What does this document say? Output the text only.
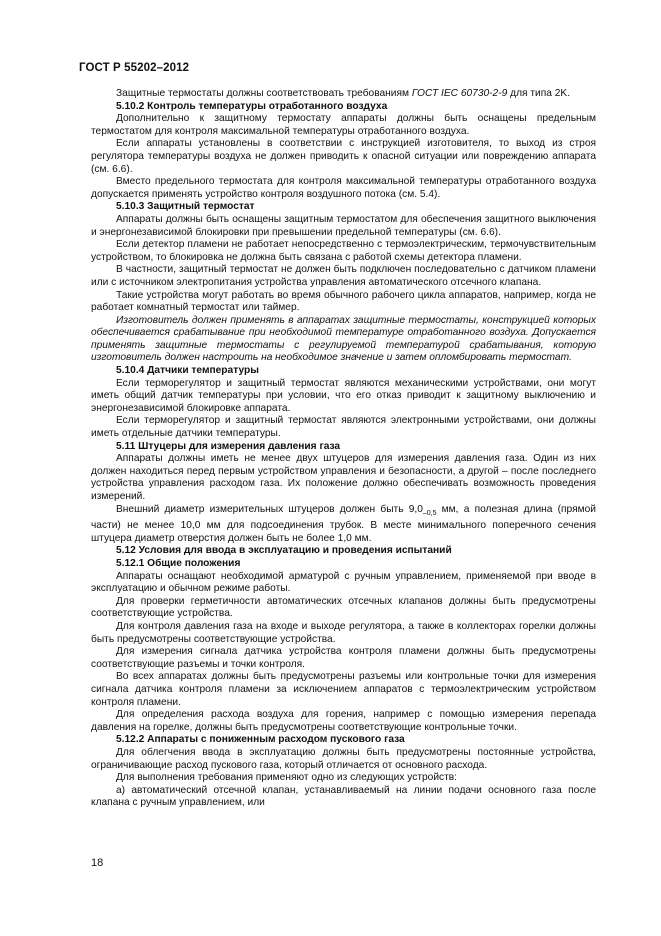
ГОСТ Р 55202–2012
Защитные термостаты должны соответствовать требованиям ГОСТ IEC 60730-2-9 для типа 2K.
5.10.2 Контроль температуры отработанного воздуха
Дополнительно к защитному термостату аппараты должны быть оснащены предельным термостатом для контроля максимальной температуры отработанного воздуха.
Если аппараты установлены в соответствии с инструкцией изготовителя, то выход из строя регулятора температуры воздуха не должен приводить к опасной ситуации или повреждению аппарата (см. 6.6).
Вместо предельного термостата для контроля максимальной температуры отработанного воздуха допускается применять устройство контроля воздушного потока (см. 5.4).
5.10.3 Защитный термостат
Аппараты должны быть оснащены защитным термостатом для обеспечения защитного выключения и энергонезависимой блокировки при превышении предельной температуры (см. 6.6).
Если детектор пламени не работает непосредственно с термоэлектрическим, термочувствительным устройством, то блокировка не должна быть связана с работой схемы детектора пламени.
В частности, защитный термостат не должен быть подключен последовательно с датчиком пламени или с источником электропитания устройства управления автоматического отсечного клапана.
Такие устройства могут работать во время обычного рабочего цикла аппаратов, например, когда не работает комнатный термостат или таймер.
Изготовитель должен применять в аппаратах защитные термостаты, конструкцией которых обеспечивается срабатывание при необходимой температуре отработанного воздуха. Допускается применять защитные термостаты с регулируемой температурой срабатывания, которую изготовитель должен настроить на необходимое значение и затем опломбировать термостат.
5.10.4 Датчики температуры
Если терморегулятор и защитный термостат являются механическими устройствами, они могут иметь общий датчик температуры при условии, что его отказ приводит к защитному выключению и энергонезависимой блокировке аппарата.
Если терморегулятор и защитный термостат являются электронными устройствами, они должны иметь отдельные датчики температуры.
5.11 Штуцеры для измерения давления газа
Аппараты должны иметь не менее двух штуцеров для измерения давления газа. Один из них должен находиться перед первым устройством управления и безопасности, а другой – после последнего устройства управления расходом газа. Их положение должно обеспечивать возможность проведения измерений.
Внешний диаметр измерительных штуцеров должен быть $9,0_{-0,5}$ мм, а полезная длина (прямой части) не менее 10,0 мм для подсоединения трубок. В месте минимального поперечного сечения штуцера диаметр отверстия должен быть не более 1,0 мм.
5.12 Условия для ввода в эксплуатацию и проведения испытаний
5.12.1 Общие положения
Аппараты оснащают необходимой арматурой с ручным управлением, применяемой при вводе в эксплуатацию и обычном режиме работы.
Для проверки герметичности автоматических отсечных клапанов должны быть предусмотрены соответствующие устройства.
Для контроля давления газа на входе и выходе регулятора, а также в коллекторах горелки должны быть предусмотрены соответствующие устройства.
Для измерения сигнала датчика устройства контроля пламени должны быть предусмотрены соответствующие разъемы и точки контроля.
Во всех аппаратах должны быть предусмотрены разъемы или контрольные точки для измерения сигнала датчика контроля пламени за исключением аппаратов с термоэлектрическим устройством контроля пламени.
Для определения расхода воздуха для горения, например с помощью измерения перепада давления на горелке, должны быть предусмотрены соответствующие контрольные точки.
5.12.2 Аппараты с пониженным расходом пускового газа
Для облегчения ввода в эксплуатацию должны быть предусмотрены постоянные устройства, ограничивающие расход пускового газа, который отличается от основного расхода.
Для выполнения требования применяют одно из следующих устройств:
а) автоматический отсечной клапан, устанавливаемый на линии подачи основного газа после клапана с ручным управлением, или
18
